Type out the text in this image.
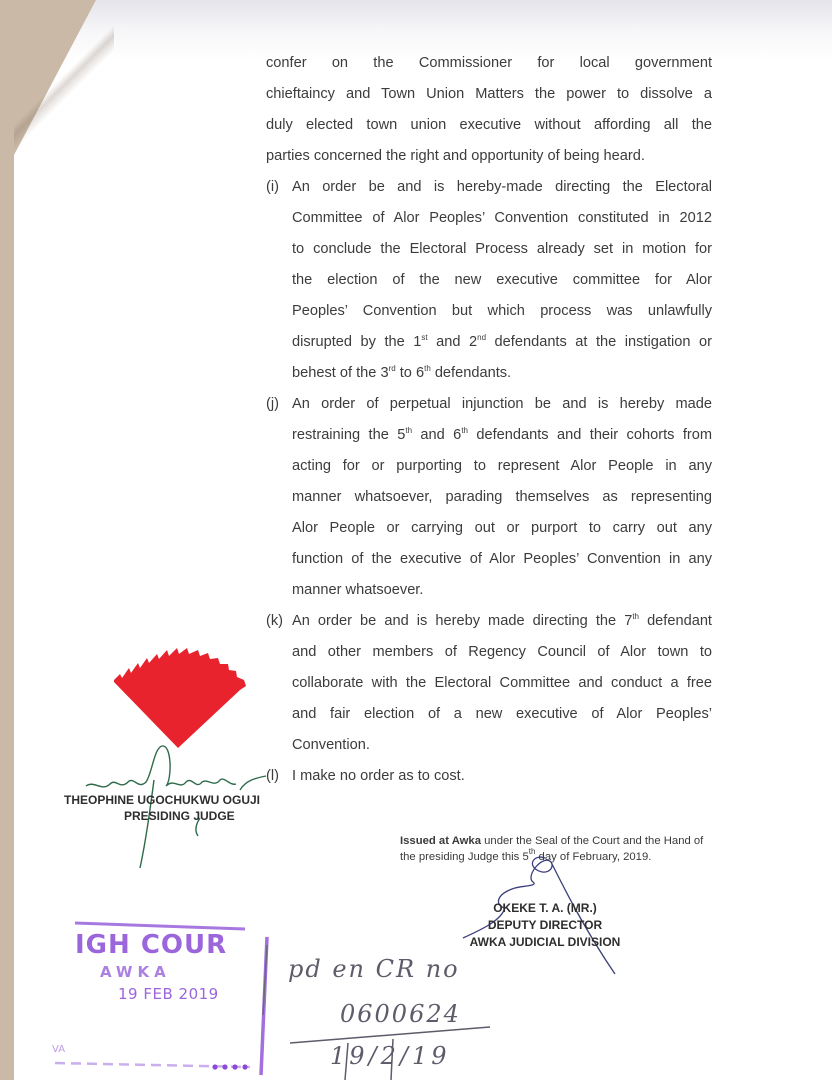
confer on the Commissioner for local government
chieftaincy and Town Union Matters the power to dissolve a
duly elected town union executive without affording all the
parties concerned the right and opportunity of being heard.
(i) An order be and is hereby-made directing the Electoral
Committee of Alor Peoples’ Convention constituted in 2012
to conclude the Electoral Process already set in motion for
the election of the new executive committee for Alor
Peoples’ Convention but which process was unlawfully
disrupted by the 1st and 2nd defendants at the instigation or
behest of the 3rd to 6th defendants.
(j) An order of perpetual injunction be and is hereby made
restraining the 5th and 6th defendants and their cohorts from
acting for or purporting to represent Alor People in any
manner whatsoever, parading themselves as representing
Alor People or carrying out or purport to carry out any
function of the executive of Alor Peoples’ Convention in any
manner whatsoever.
(k) An order be and is hereby made directing the 7th defendant
and other members of Regency Council of Alor town to
collaborate with the Electoral Committee and conduct a free
and fair election of a new executive of Alor Peoples’
Convention.
(l) I make no order as to cost.
THEOPHINE UGOCHUKWU OGUJI
PRESIDING JUDGE
Issued at Awka under the Seal of the Court and the Hand of
the presiding Judge this 5th day of February, 2019.
OKEKE T. A. (MR.)
DEPUTY DIRECTOR
AWKA JUDICIAL DIVISION
IGH COUR
AWKA
19 FEB 2019
VA
pd en CR no
0600624
19/2/19
